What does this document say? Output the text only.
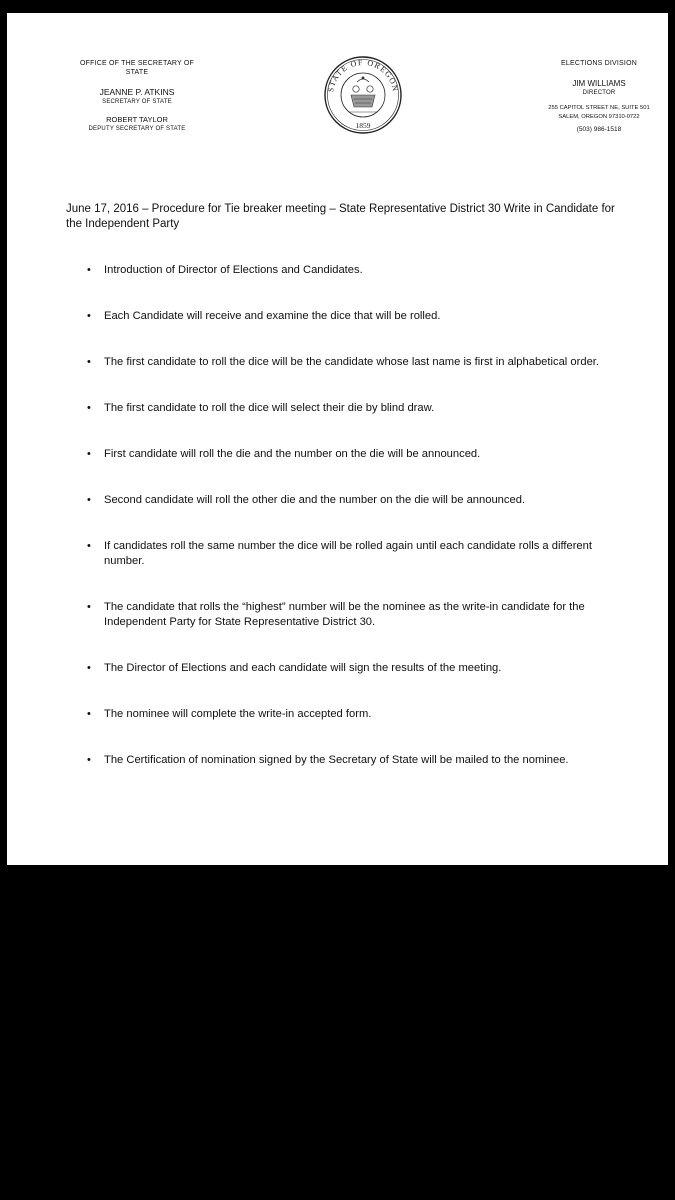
OFFICE OF THE SECRETARY OF STATE
JEANNE P. ATKINS
SECRETARY OF STATE
ROBERT TAYLOR
DEPUTY SECRETARY OF STATE
STATE OF OREGON
1859
ELECTIONS DIVISION
JIM WILLIAMS
DIRECTOR
255 CAPITOL STREET NE, SUITE 501
SALEM, OREGON 97310-0722
(503) 986-1518
June 17, 2016 – Procedure for Tie breaker meeting – State Representative District 30 Write in Candidate for the Independent Party
• Introduction of Director of Elections and Candidates.
• Each Candidate will receive and examine the dice that will be rolled.
• The first candidate to roll the dice will be the candidate whose last name is first in alphabetical order.
• The first candidate to roll the dice will select their die by blind draw.
• First candidate will roll the die and the number on the die will be announced.
• Second candidate will roll the other die and the number on the die will be announced.
• If candidates roll the same number the dice will be rolled again until each candidate rolls a different number.
• The candidate that rolls the “highest” number will be the nominee as the write-in candidate for the Independent Party for State Representative District 30.
• The Director of Elections and each candidate will sign the results of the meeting.
• The nominee will complete the write-in accepted form.
• The Certification of nomination signed by the Secretary of State will be mailed to the nominee.
